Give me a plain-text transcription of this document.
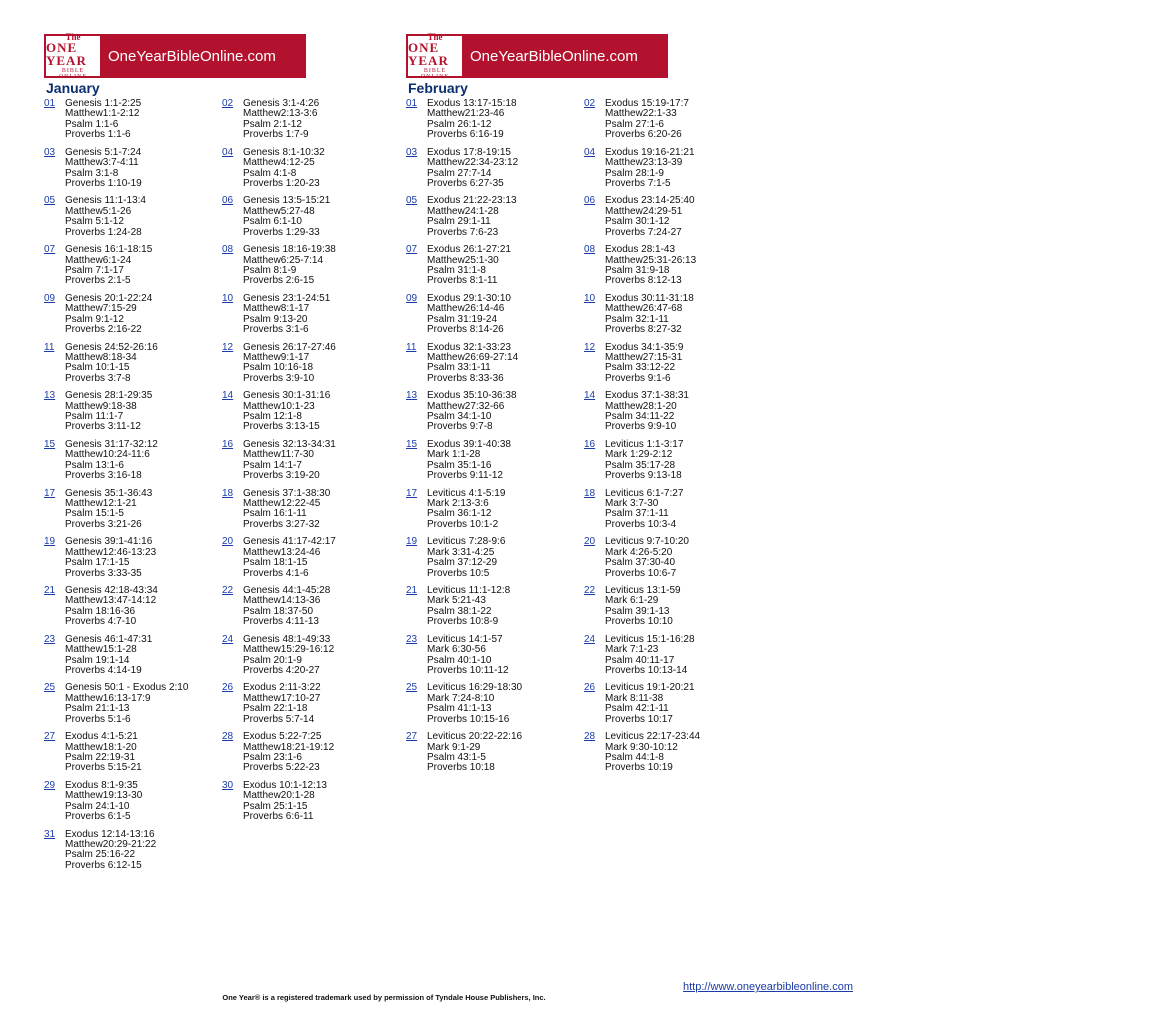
The
ONE YEAR
BIBLE
ONLINE
OneYearBibleOnline.com
January
01 Genesis 1:1-2:25
Matthew1:1-2:12
Psalm 1:1-6
Proverbs 1:1-6
02 Genesis 3:1-4:26
Matthew2:13-3:6
Psalm 2:1-12
Proverbs 1:7-9
03 Genesis 5:1-7:24
Matthew3:7-4:11
Psalm 3:1-8
Proverbs 1:10-19
04 Genesis 8:1-10:32
Matthew4:12-25
Psalm 4:1-8
Proverbs 1:20-23
05 Genesis 11:1-13:4
Matthew5:1-26
Psalm 5:1-12
Proverbs 1:24-28
06 Genesis 13:5-15:21
Matthew5:27-48
Psalm 6:1-10
Proverbs 1:29-33
07 Genesis 16:1-18:15
Matthew6:1-24
Psalm 7:1-17
Proverbs 2:1-5
08 Genesis 18:16-19:38
Matthew6:25-7:14
Psalm 8:1-9
Proverbs 2:6-15
09 Genesis 20:1-22:24
Matthew7:15-29
Psalm 9:1-12
Proverbs 2:16-22
10 Genesis 23:1-24:51
Matthew8:1-17
Psalm 9:13-20
Proverbs 3:1-6
11	Genesis 24:52-26:16
Matthew8:18-34
Psalm 10:1-15
Proverbs 3:7-8
12 Genesis 26:17-27:46
Matthew9:1-17
Psalm 10:16-18
Proverbs 3:9-10
13 Genesis 28:1-29:35
Matthew9:18-38
Psalm 11:1-7
Proverbs 3:11-12
14 Genesis 30:1-31:16
Matthew10:1-23
Psalm 12:1-8
Proverbs 3:13-15
15 Genesis 31:17-32:12
Matthew10:24-11:6
Psalm 13:1-6
Proverbs 3:16-18
16 Genesis 32:13-34:31
Matthew11:7-30
Psalm 14:1-7
Proverbs 3:19-20
17 Genesis 35:1-36:43
Matthew12:1-21
Psalm 15:1-5
Proverbs 3:21-26
18 Genesis 37:1-38:30
Matthew12:22-45
Psalm 16:1-11
Proverbs 3:27-32
19 Genesis 39:1-41:16
Matthew12:46-13:23
Psalm 17:1-15
Proverbs 3:33-35
20 Genesis 41:17-42:17
Matthew13:24-46
Psalm 18:1-15
Proverbs 4:1-6
21 Genesis 42:18-43:34
Matthew13:47-14:12
Psalm 18:16-36
Proverbs 4:7-10
22 Genesis 44:1-45:28
Matthew14:13-36
Psalm 18:37-50
Proverbs 4:11-13
23 Genesis 46:1-47:31
Matthew15:1-28
Psalm 19:1-14
Proverbs 4:14-19
24 Genesis 48:1-49:33
Matthew15:29-16:12
Psalm 20:1-9
Proverbs 4:20-27
25 Genesis 50:1 - Exodus 2:10
Matthew16:13-17:9
Psalm 21:1-13
Proverbs 5:1-6
26 Exodus 2:11-3:22
Matthew17:10-27
Psalm 22:1-18
Proverbs 5:7-14
27 Exodus 4:1-5:21
Matthew18:1-20
Psalm 22:19-31
Proverbs 5:15-21
28 Exodus 5:22-7:25
Matthew18:21-19:12
Psalm 23:1-6
Proverbs 5:22-23
29 Exodus 8:1-9:35
Matthew19:13-30
Psalm 24:1-10
Proverbs 6:1-5
30 Exodus 10:1-12:13
Matthew20:1-28
Psalm 25:1-15
Proverbs 6:6-11
31 Exodus 12:14-13:16
Matthew20:29-21:22
Psalm 25:16-22
Proverbs 6:12-15
The
ONE YEAR
BIBLE
ONLINE
OneYearBibleOnline.com
February
01 Exodus 13:17-15:18
Matthew21:23-46
Psalm 26:1-12
Proverbs 6:16-19
02 Exodus 15:19-17:7
Matthew22:1-33
Psalm 27:1-6
Proverbs 6:20-26
03 Exodus 17:8-19:15
Matthew22:34-23:12
Psalm 27:7-14
Proverbs 6:27-35
04 Exodus 19:16-21:21
Matthew23:13-39
Psalm 28:1-9
Proverbs 7:1-5
05 Exodus 21:22-23:13
Matthew24:1-28
Psalm 29:1-11
Proverbs 7:6-23
06 Exodus 23:14-25:40
Matthew24:29-51
Psalm 30:1-12
Proverbs 7:24-27
07 Exodus 26:1-27:21
Matthew25:1-30
Psalm 31:1-8
Proverbs 8:1-11
08 Exodus 28:1-43
Matthew25:31-26:13
Psalm 31:9-18
Proverbs 8:12-13
09 Exodus 29:1-30:10
Matthew26:14-46
Psalm 31:19-24
Proverbs 8:14-26
10 Exodus 30:11-31:18
Matthew26:47-68
Psalm 32:1-11
Proverbs 8:27-32
11	Exodus 32:1-33:23
Matthew26:69-27:14
Psalm 33:1-11
Proverbs 8:33-36
12 Exodus 34:1-35:9
Matthew27:15-31
Psalm 33:12-22
Proverbs 9:1-6
13 Exodus 35:10-36:38
Matthew27:32-66
Psalm 34:1-10
Proverbs 9:7-8
14 Exodus 37:1-38:31
Matthew28:1-20
Psalm 34:11-22
Proverbs 9:9-10
15 Exodus 39:1-40:38
Mark 1:1-28
Psalm 35:1-16
Proverbs 9:11-12
16 Leviticus 1:1-3:17
Mark 1:29-2:12
Psalm 35:17-28
Proverbs 9:13-18
17 Leviticus 4:1-5:19
Mark 2:13-3:6
Psalm 36:1-12
Proverbs 10:1-2
18 Leviticus 6:1-7:27
Mark 3:7-30
Psalm 37:1-11
Proverbs 10:3-4
19 Leviticus 7:28-9:6
Mark 3:31-4:25
Psalm 37:12-29
Proverbs 10:5
20 Leviticus 9:7-10:20
Mark 4:26-5:20
Psalm 37:30-40
Proverbs 10:6-7
21 Leviticus 11:1-12:8
Mark 5:21-43
Psalm 38:1-22
Proverbs 10:8-9
22 Leviticus 13:1-59
Mark 6:1-29
Psalm 39:1-13
Proverbs 10:10
23 Leviticus 14:1-57
Mark 6:30-56
Psalm 40:1-10
Proverbs 10:11-12
24 Leviticus 15:1-16:28
Mark 7:1-23
Psalm 40:11-17
Proverbs 10:13-14
25 Leviticus 16:29-18:30
Mark 7:24-8:10
Psalm 41:1-13
Proverbs 10:15-16
26 Leviticus 19:1-20:21
Mark 8:11-38
Psalm 42:1-11
Proverbs 10:17
27 Leviticus 20:22-22:16
Mark 9:1-29
Psalm 43:1-5
Proverbs 10:18
28 Leviticus 22:17-23:44
Mark 9:30-10:12
Psalm 44:1-8
Proverbs 10:19
http://www.oneyearbibleonline.com
One Year® is a registered trademark used by permission of Tyndale House Publishers, Inc.
